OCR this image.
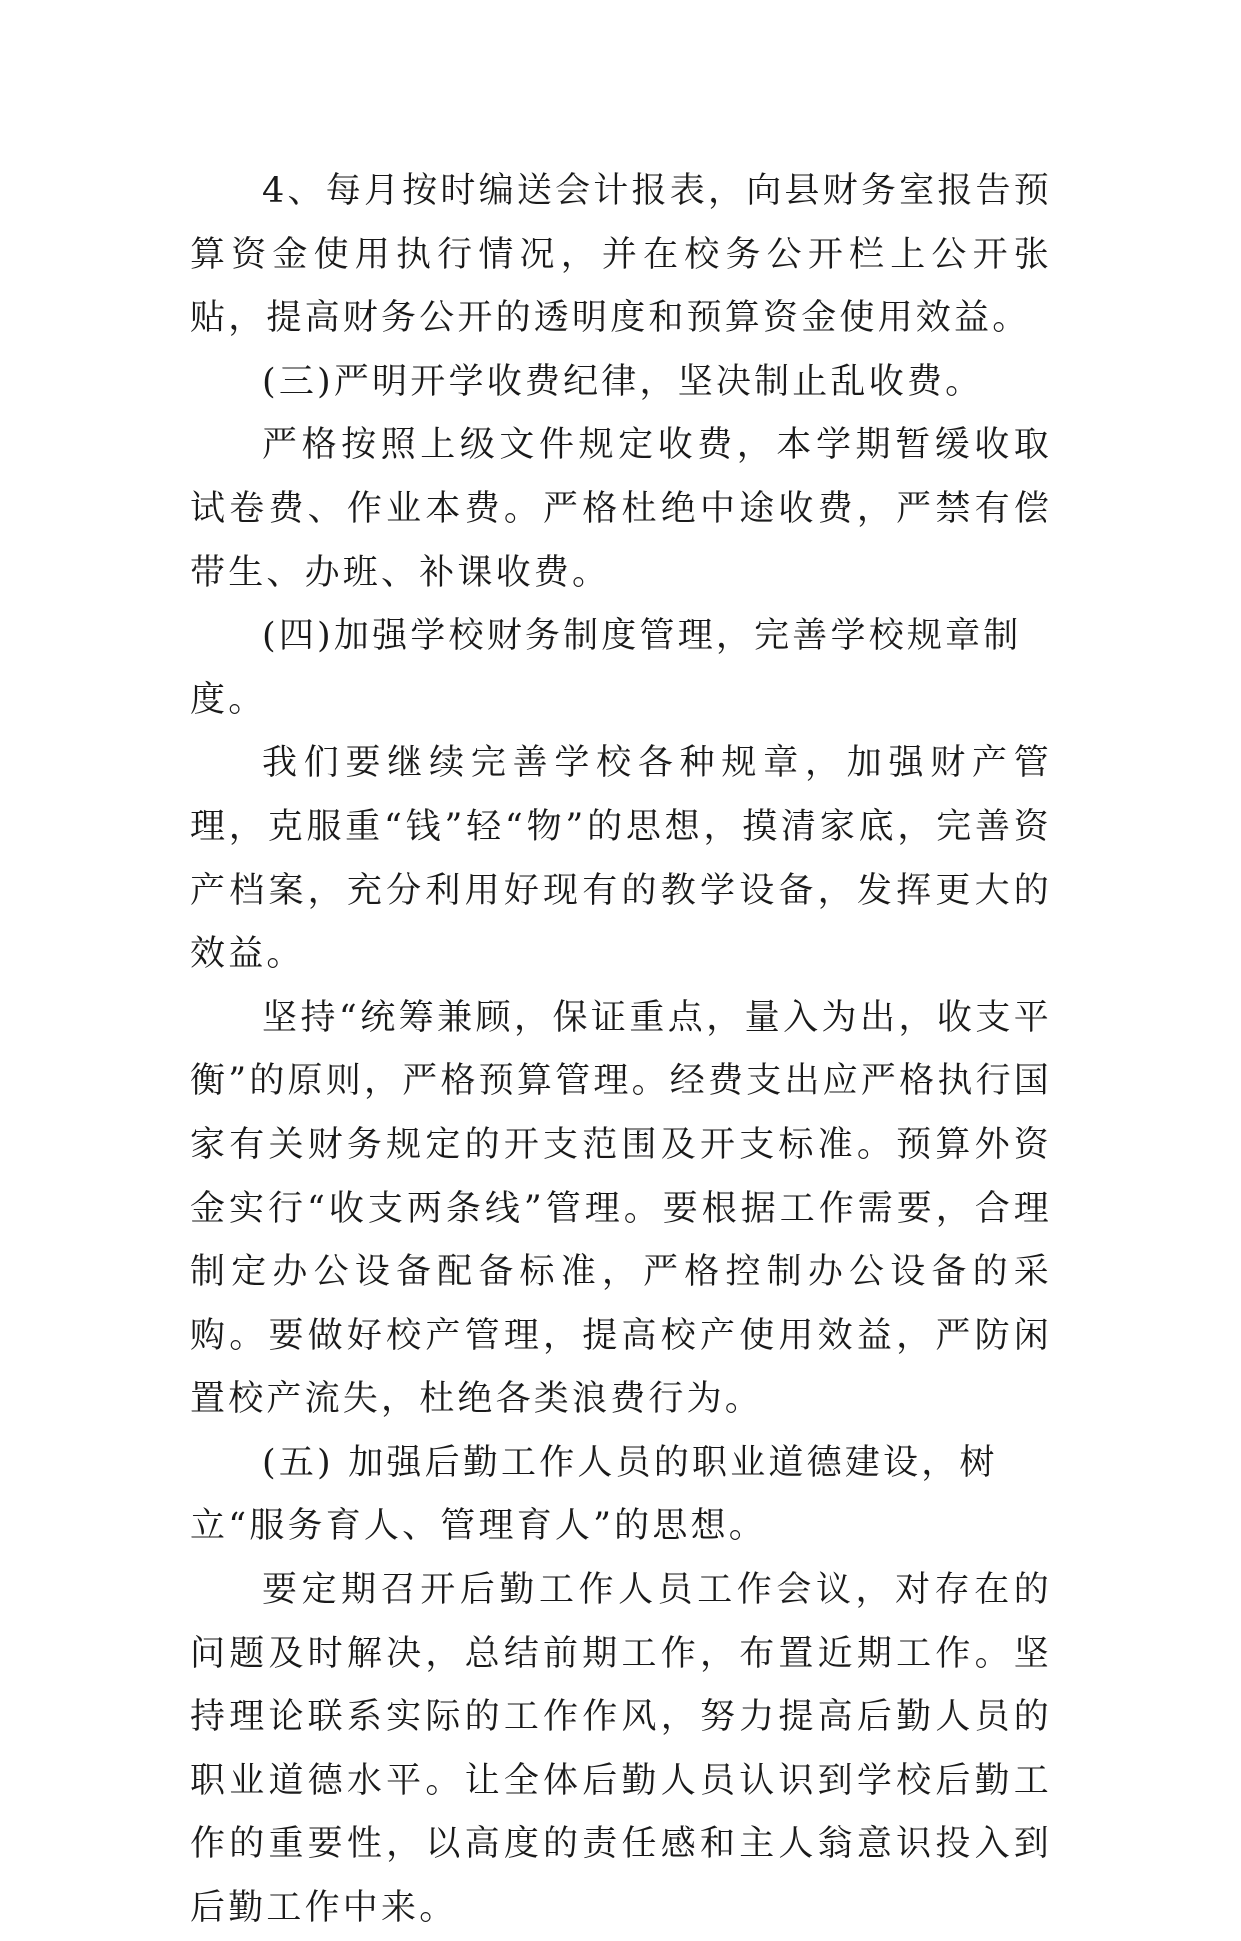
4、每月按时编送会计报表，向县财务室报告预算资金使用执行情况，并在校务公开栏上公开张贴，提高财务公开的透明度和预算资金使用效益。

(三)严明开学收费纪律，坚决制止乱收费。

严格按照上级文件规定收费，本学期暂缓收取试卷费、作业本费。严格杜绝中途收费，严禁有偿带生、办班、补课收费。

(四)加强学校财务制度管理，完善学校规章制度。

我们要继续完善学校各种规章，加强财产管理，克服重“钱”轻“物”的思想，摸清家底，完善资产档案，充分利用好现有的教学设备，发挥更大的效益。

坚持“统筹兼顾，保证重点，量入为出，收支平衡”的原则，严格预算管理。经费支出应严格执行国家有关财务规定的开支范围及开支标准。预算外资金实行“收支两条线”管理。要根据工作需要，合理制定办公设备配备标准，严格控制办公设备的采购。要做好校产管理，提高校产使用效益，严防闲置校产流失，杜绝各类浪费行为。

(五) 加强后勤工作人员的职业道德建设，树立“服务育人、管理育人”的思想。

要定期召开后勤工作人员工作会议，对存在的问题及时解决，总结前期工作，布置近期工作。坚持理论联系实际的工作作风，努力提高后勤人员的职业道德水平。让全体后勤人员认识到学校后勤工作的重要性，以高度的责任感和主人翁意识投入到后勤工作中来。
